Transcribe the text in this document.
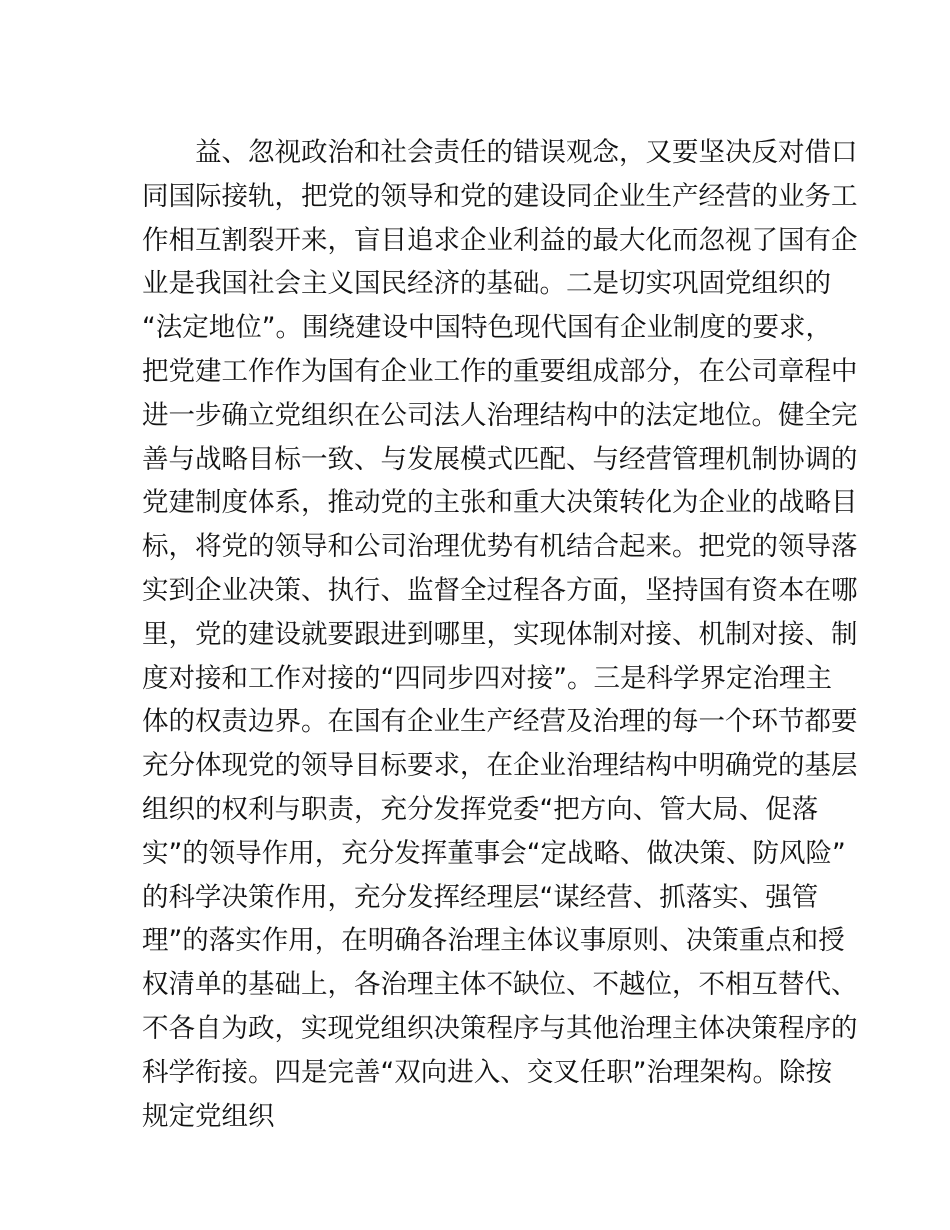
益、忽视政治和社会责任的错误观念，又要坚决反对借口
同国际接轨，把党的领导和党的建设同企业生产经营的业务工
作相互割裂开来，盲目追求企业利益的最大化而忽视了国有企
业是我国社会主义国民经济的基础。二是切实巩固党组织的
“法定地位”。围绕建设中国特色现代国有企业制度的要求，
把党建工作作为国有企业工作的重要组成部分，在公司章程中
进一步确立党组织在公司法人治理结构中的法定地位。健全完
善与战略目标一致、与发展模式匹配、与经营管理机制协调的
党建制度体系，推动党的主张和重大决策转化为企业的战略目
标，将党的领导和公司治理优势有机结合起来。把党的领导落
实到企业决策、执行、监督全过程各方面，坚持国有资本在哪
里，党的建设就要跟进到哪里，实现体制对接、机制对接、制
度对接和工作对接的“四同步四对接”。三是科学界定治理主
体的权责边界。在国有企业生产经营及治理的每一个环节都要
充分体现党的领导目标要求，在企业治理结构中明确党的基层
组织的权利与职责，充分发挥党委“把方向、管大局、促落
实”的领导作用，充分发挥董事会“定战略、做决策、防风险”
的科学决策作用，充分发挥经理层“谋经营、抓落实、强管
理”的落实作用，在明确各治理主体议事原则、决策重点和授
权清单的基础上，各治理主体不缺位、不越位，不相互替代、
不各自为政，实现党组织决策程序与其他治理主体决策程序的
科学衔接。四是完善“双向进入、交叉任职”治理架构。除按
规定党组织
